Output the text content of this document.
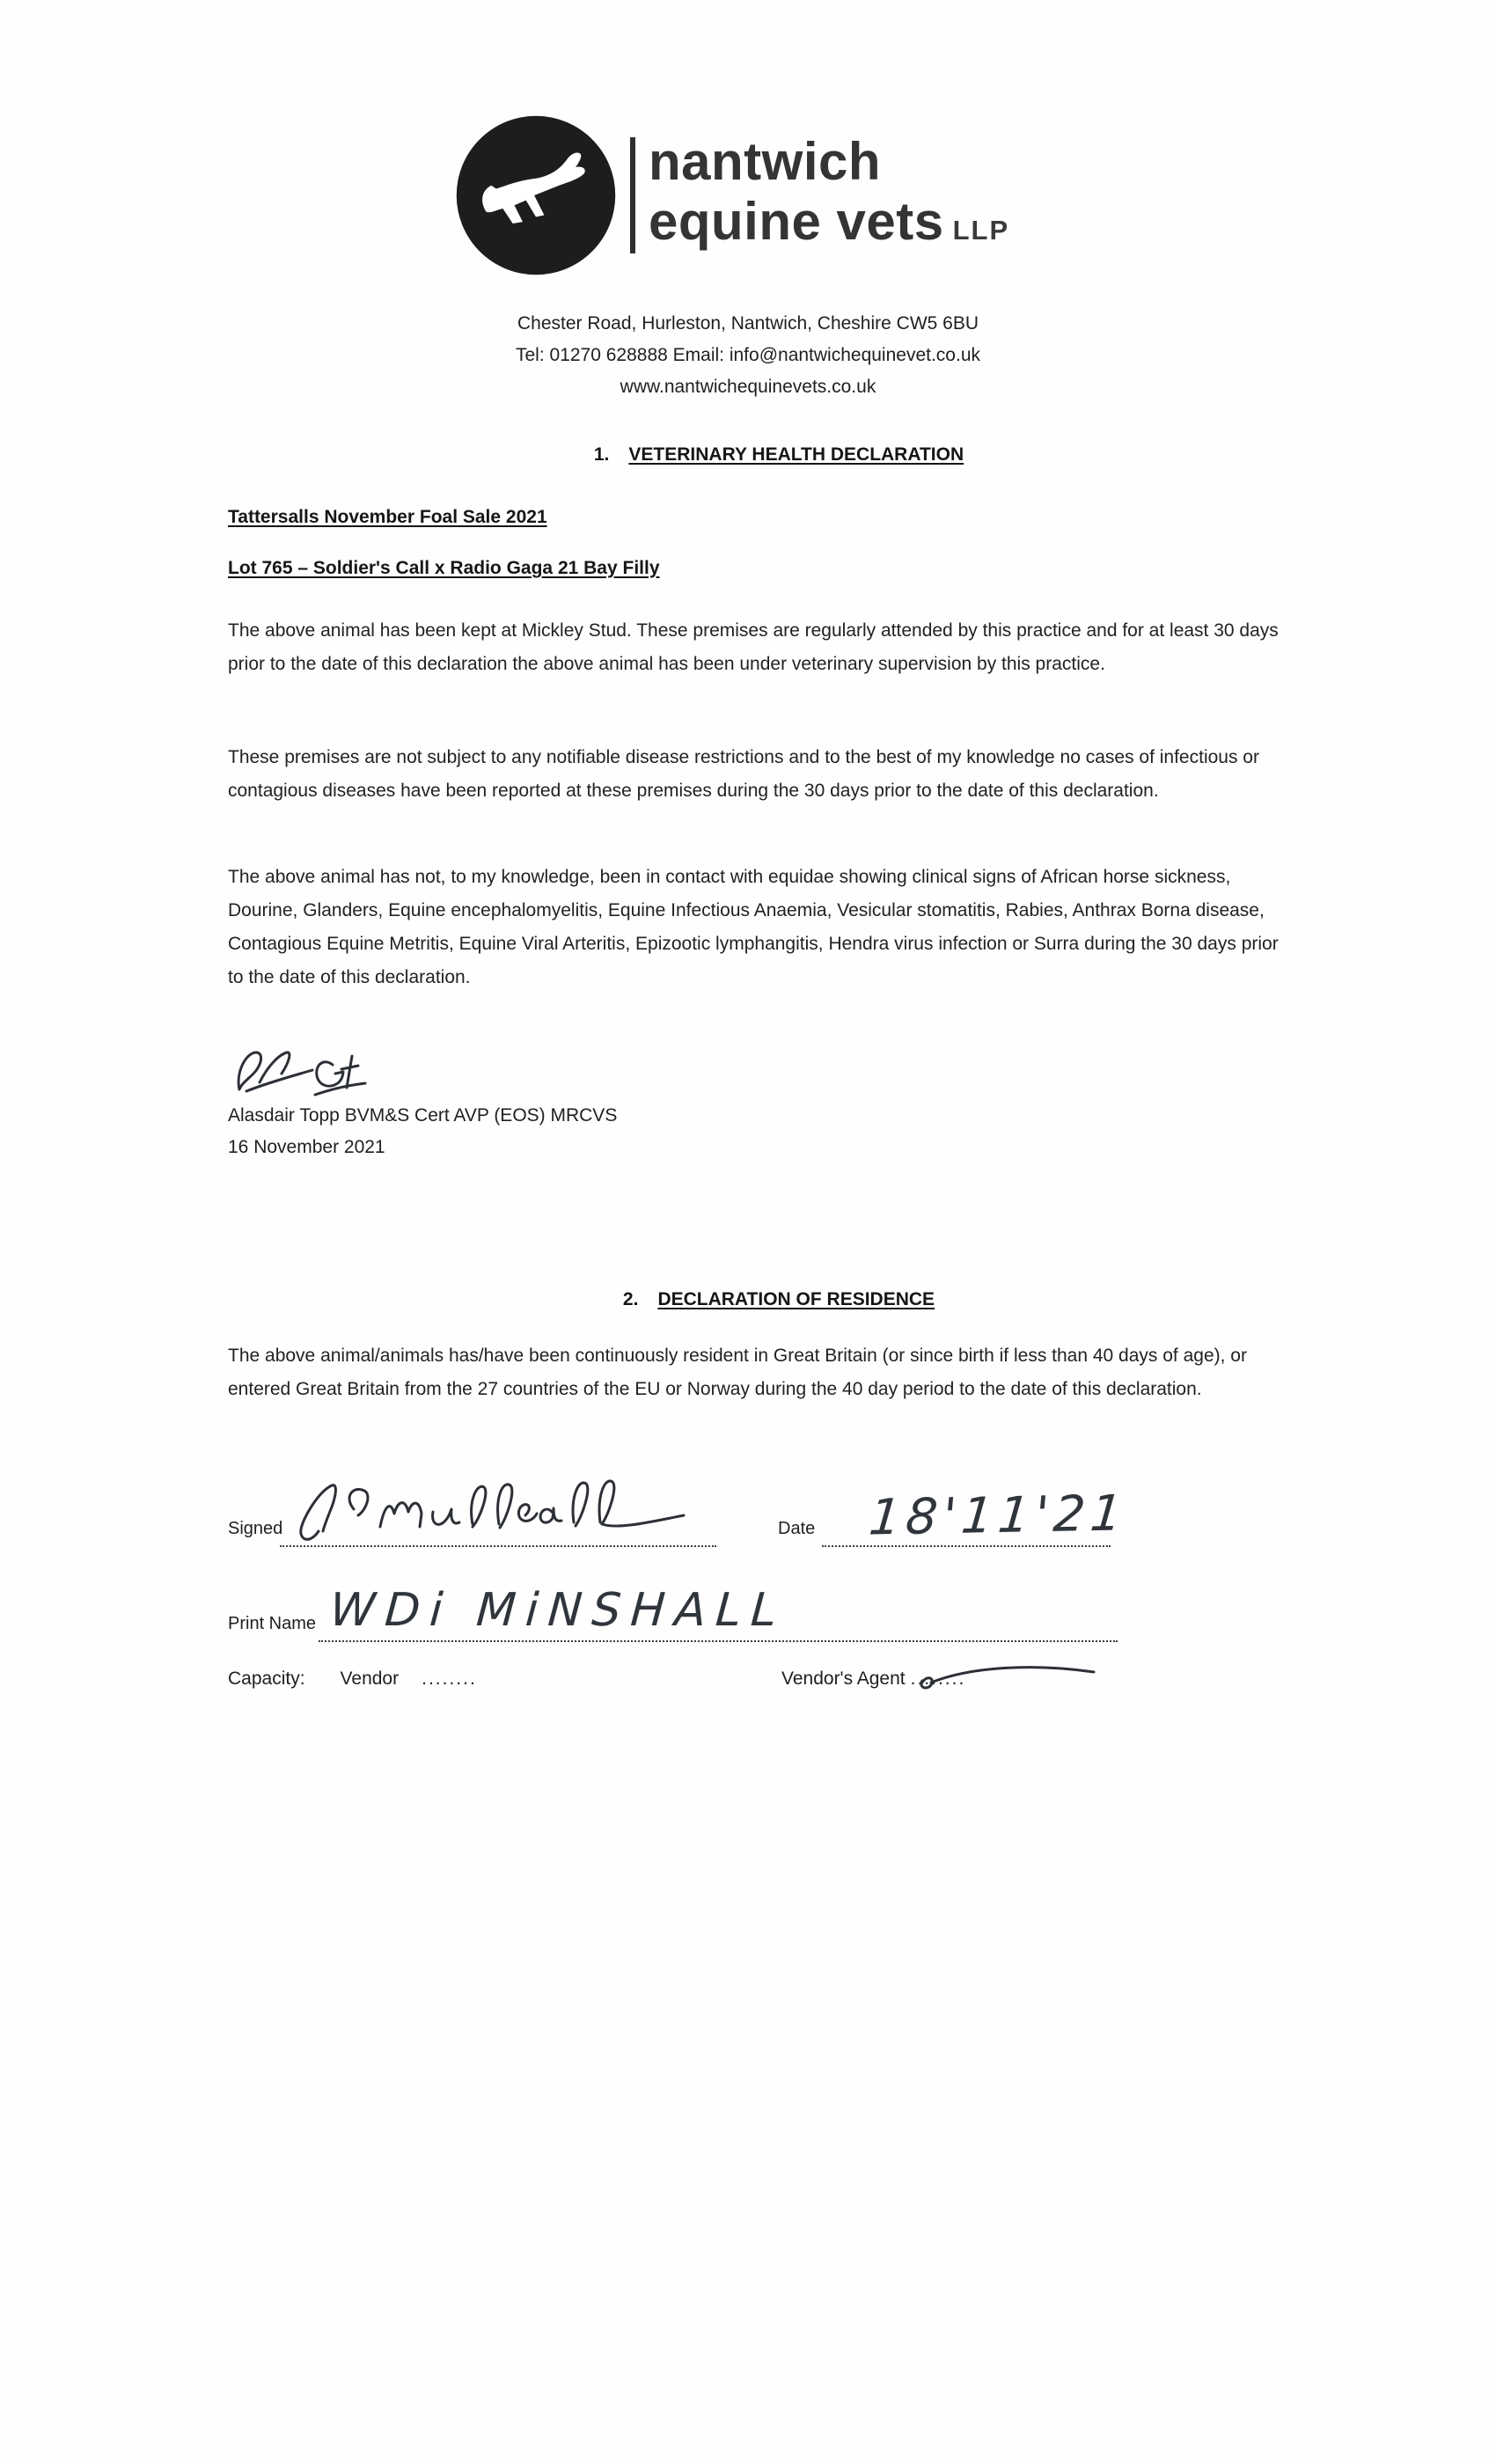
nantwich
equine vets LLP
Chester Road, Hurleston, Nantwich, Cheshire CW5 6BU
Tel: 01270 628888 Email: info@nantwichequinevet.co.uk
www.nantwichequinevets.co.uk
1. VETERINARY HEALTH DECLARATION
Tattersalls November Foal Sale 2021
Lot 765 – Soldier's Call x Radio Gaga 21 Bay Filly
The above animal has been kept at Mickley Stud. These premises are regularly attended by this practice and for at least 30 days prior to the date of this declaration the above animal has been under veterinary supervision by this practice.
These premises are not subject to any notifiable disease restrictions and to the best of my knowledge no cases of infectious or contagious diseases have been reported at these premises during the 30 days prior to the date of this declaration.
The above animal has not, to my knowledge, been in contact with equidae showing clinical signs of African horse sickness, Dourine, Glanders, Equine encephalomyelitis, Equine Infectious Anaemia, Vesicular stomatitis, Rabies, Anthrax Borna disease, Contagious Equine Metritis, Equine Viral Arteritis, Epizootic lymphangitis, Hendra virus infection or Surra during the 30 days prior to the date of this declaration.
Alasdair Topp BVM&S Cert AVP (EOS) MRCVS
16 November 2021
2. DECLARATION OF RESIDENCE
The above animal/animals has/have been continuously resident in Great Britain (or since birth if less than 40 days of age), or entered Great Britain from the 27 countries of the EU or Norway during the 40 day period to the date of this declaration.
Signed	Date 18'11'21
Print Name WDi MiNSHALL
Capacity: Vendor ........	Vendor's Agent ........
